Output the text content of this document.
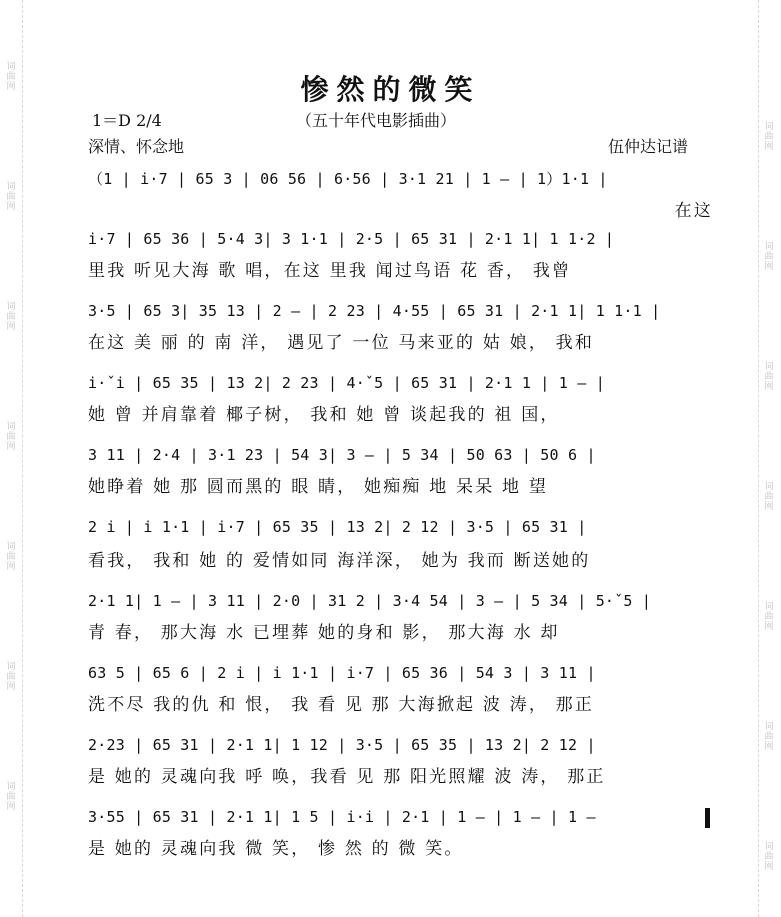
词曲网
词曲网
词曲网
词曲网
词曲网
词曲网
词曲网
词曲网
词曲网
词曲网
词曲网
词曲网
词曲网
词曲网
惨然的微笑
1＝D 2/4	（五十年代电影插曲）
深情、怀念地	伍仲达记谱
（1 | i·7 | 65 3 | 06 56 | 6·56 | 3·1 21 | 1 – | 1）1·1 |
在这
i·7 | 65 36 | 5·4 3| 3 1·1 | 2·5 | 65 31 | 2·1 1| 1 1·2 |
里我 听见大海 歌 唱，在这 里我 闻过鸟语 花 香， 我曾
3·5 | 65 3| 35 13 | 2 – | 2 23 | 4·55 | 65 31 | 2·1 1| 1 1·1 |
在这 美 丽 的 南 洋， 遇见了 一位 马来亚的 姑 娘， 我和
i·ˇi | 65 35 | 13 2| 2 23 | 4·ˇ5 | 65 31 | 2·1 1 | 1 – |
她 曾 并肩靠着 椰子树， 我和 她 曾 谈起我的 祖 国，
3 11 | 2·4 | 3·1 23 | 54 3| 3 – | 5 34 | 50 63 | 50 6 |
她睁着 她 那 圆而黑的 眼 睛， 她痴痴 地 呆呆 地 望
2 i | i 1·1 | i·7 | 65 35 | 13 2| 2 12 | 3·5 | 65 31 |
看我， 我和 她 的 爱情如同 海洋深， 她为 我而 断送她的
2·1 1| 1 – | 3 11 | 2·0 | 31 2 | 3·4 54 | 3 – | 5 34 | 5·ˇ5 |
青 春， 那大海 水 已埋葬 她的身和 影， 那大海 水 却
63 5 | 65 6 | 2 i | i 1·1 | i·7 | 65 36 | 54 3 | 3 11 |
洗不尽 我的仇 和 恨， 我 看 见 那 大海掀起 波 涛， 那正
2·23 | 65 31 | 2·1 1| 1 12 | 3·5 | 65 35 | 13 2| 2 12 |
是 她的 灵魂向我 呼 唤，我看 见 那 阳光照耀 波 涛， 那正
3·55 | 65 31 | 2·1 1| 1 5 | i·i | 2·1 | 1 – | 1 – | 1 –
是 她的 灵魂向我 微 笑， 惨 然 的 微 笑。
